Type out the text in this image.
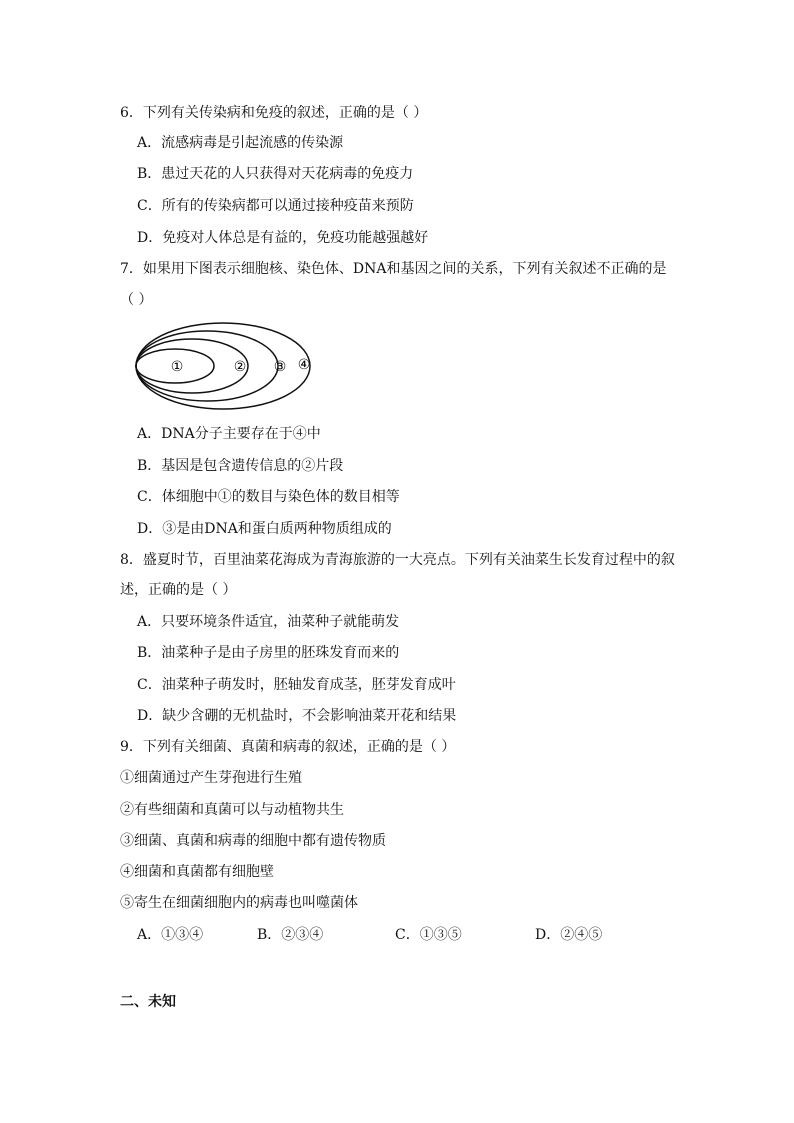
6．下列有关传染病和免疫的叙述，正确的是（ ）
A．流感病毒是引起流感的传染源
B．患过天花的人只获得对天花病毒的免疫力
C．所有的传染病都可以通过接种疫苗来预防
D．免疫对人体总是有益的，免疫功能越强越好
7．如果用下图表示细胞核、染色体、DNA和基因之间的关系，下列有关叙述不正确的是
（ ）
①	② ③ ④
A．DNA分子主要存在于④中
B．基因是包含遗传信息的②片段
C．体细胞中①的数目与染色体的数目相等
D．③是由DNA和蛋白质两种物质组成的
8．盛夏时节，百里油菜花海成为青海旅游的一大亮点。下列有关油菜生长发育过程中的叙
述，正确的是（ ）
A．只要环境条件适宜，油菜种子就能萌发
B．油菜种子是由子房里的胚珠发育而来的
C．油菜种子萌发时，胚轴发育成茎，胚芽发育成叶
D．缺少含硼的无机盐时，不会影响油菜开花和结果
9．下列有关细菌、真菌和病毒的叙述，正确的是（ ）
①细菌通过产生芽孢进行生殖
②有些细菌和真菌可以与动植物共生
③细菌、真菌和病毒的细胞中都有遗传物质
④细菌和真菌都有细胞壁
⑤寄生在细菌细胞内的病毒也叫噬菌体
A．①③④	B．②③④	C．①③⑤	D．②④⑤
二、未知
